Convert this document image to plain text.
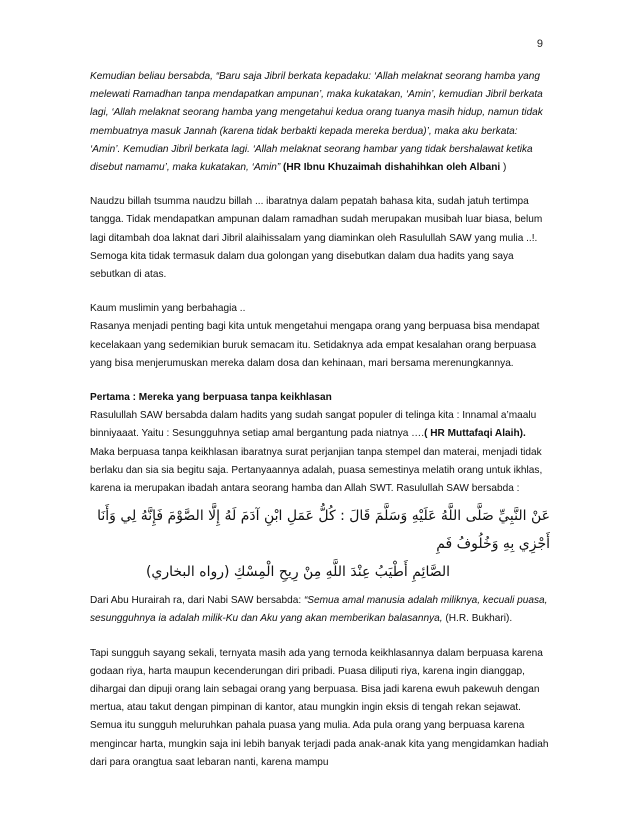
9

Kemudian beliau bersabda, “Baru saja Jibril berkata kepadaku: ‘Allah melaknat seorang hamba yang melewati Ramadhan tanpa mendapatkan ampunan’, maka kukatakan, ‘Amin’, kemudian Jibril berkata lagi, ‘Allah melaknat seorang hamba yang mengetahui kedua orang tuanya masih hidup, namun tidak membuatnya masuk Jannah (karena tidak berbakti kepada mereka berdua)’, maka aku berkata: ‘Amin’. Kemudian Jibril berkata lagi. ‘Allah melaknat seorang hambar yang tidak bershalawat ketika disebut namamu’, maka kukatakan, ‘Amin” (HR Ibnu Khuzaimah dishahihkan oleh Albani )

Naudzu billah tsumma naudzu billah ... ibaratnya dalam pepatah bahasa kita, sudah jatuh tertimpa tangga. Tidak mendapatkan ampunan dalam ramadhan sudah merupakan musibah luar biasa, belum lagi ditambah doa laknat dari Jibril alaihissalam yang diaminkan oleh Rasulullah SAW yang mulia ..!. Semoga kita tidak termasuk dalam dua golongan yang disebutkan dalam dua hadits yang saya sebutkan di atas.

Kaum muslimin yang berbahagia ..

Rasanya menjadi penting bagi kita untuk mengetahui mengapa orang yang berpuasa bisa mendapat kecelakaan yang sedemikian buruk semacam itu. Setidaknya ada empat kesalahan orang berpuasa yang bisa menjerumuskan mereka dalam dosa dan kehinaan, mari bersama merenungkannya.

Pertama : Mereka yang berpuasa tanpa keikhlasan
Rasulullah SAW bersabda dalam hadits yang sudah sangat populer di telinga kita : Innamal a’maalu binniyaaat. Yaitu : Sesungguhnya setiap amal bergantung pada niatnya ….( HR Muttafaqi Alaih). Maka berpuasa tanpa keikhlasan ibaratnya surat perjanjian tanpa stempel dan materai, menjadi tidak berlaku dan sia sia begitu saja. Pertanyaannya adalah, puasa semestinya melatih orang untuk ikhlas, karena ia merupakan ibadah antara seorang hamba dan Allah SWT. Rasulullah SAW bersabda :

عَنْ النَّبِيِّ صَلَّى اللَّهُ عَلَيْهِ وَسَلَّمَ قَالَ : كُلُّ عَمَلِ ابْنِ آدَمَ لَهُ إِلَّا الصَّوْمَ فَإِنَّهُ لِي وَأَنَا أَجْزِي بِهِ وَخُلُوفُ فَمِ
الصَّائِمِ أَطْيَبُ عِنْدَ اللَّهِ مِنْ رِيحِ الْمِسْكِ (رواه البخاري)

Dari Abu Hurairah ra, dari Nabi SAW bersabda: “Semua amal manusia adalah miliknya, kecuali puasa, sesungguhnya ia adalah milik-Ku dan Aku yang akan memberikan balasannya, (H.R. Bukhari).

Tapi sungguh sayang sekali, ternyata masih ada yang ternoda keikhlasannya dalam berpuasa karena godaan riya, harta maupun kecenderungan diri pribadi. Puasa diliputi riya, karena ingin dianggap, dihargai dan dipuji orang lain sebagai orang yang berpuasa. Bisa jadi karena ewuh pakewuh dengan mertua, atau takut dengan pimpinan di kantor, atau mungkin ingin eksis di tengah rekan sejawat. Semua itu sungguh meluruhkan pahala puasa yang mulia. Ada pula orang yang berpuasa karena mengincar harta, mungkin saja ini lebih banyak terjadi pada anak-anak kita yang mengidamkan hadiah dari para orangtua saat lebaran nanti, karena mampu
